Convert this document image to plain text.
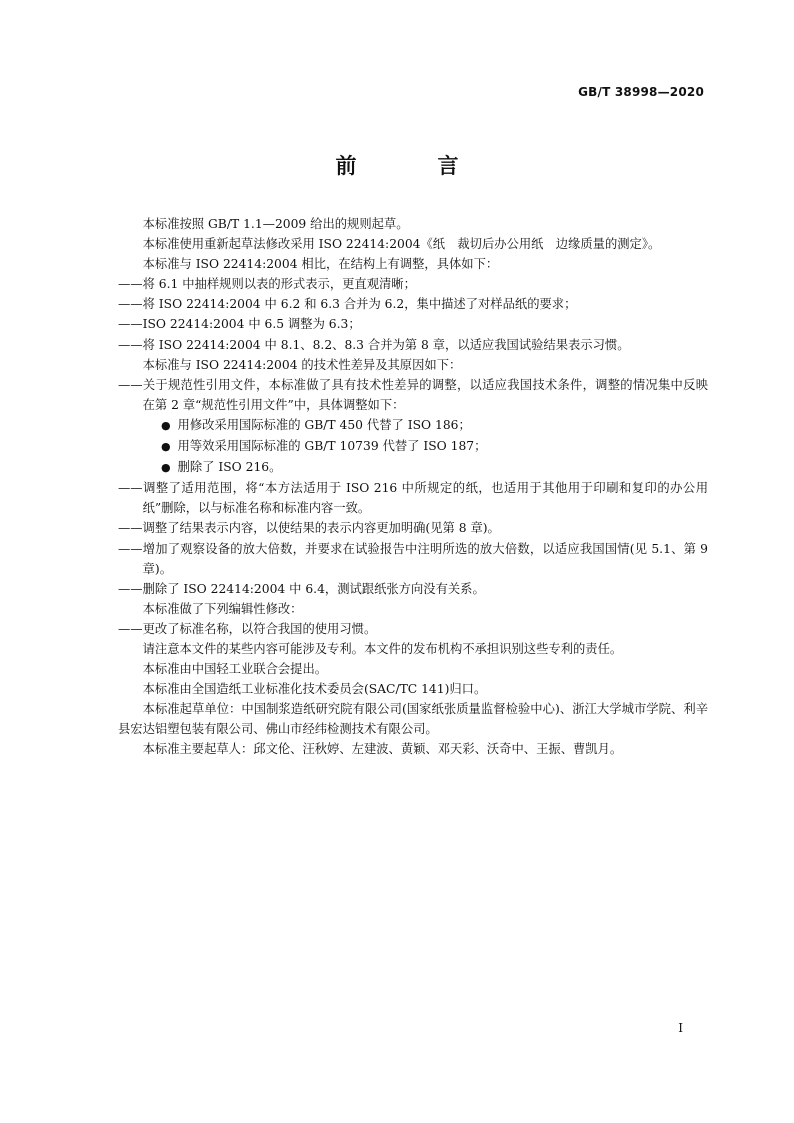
GB/T 38998—2020
前　言

本标准按照 GB/T 1.1—2009 给出的规则起草。

本标准使用重新起草法修改采用 ISO 22414:2004《纸　裁切后办公用纸　边缘质量的测定》。

本标准与 ISO 22414:2004 相比，在结构上有调整，具体如下：

——将 6.1 中抽样规则以表的形式表示，更直观清晰；

——将 ISO 22414:2004 中 6.2 和 6.3 合并为 6.2，集中描述了对样品纸的要求；

——ISO 22414:2004 中 6.5 调整为 6.3；

——将 ISO 22414:2004 中 8.1、8.2、8.3 合并为第 8 章，以适应我国试验结果表示习惯。

本标准与 ISO 22414:2004 的技术性差异及其原因如下：

——关于规范性引用文件，本标准做了具有技术性差异的调整，以适应我国技术条件，调整的情况集中反映在第 2 章“规范性引用文件”中，具体调整如下：

● 用修改采用国际标准的 GB/T 450 代替了 ISO 186；

● 用等效采用国际标准的 GB/T 10739 代替了 ISO 187；

● 删除了 ISO 216。

——调整了适用范围，将“本方法适用于 ISO 216 中所规定的纸，也适用于其他用于印刷和复印的办公用纸”删除，以与标准名称和标准内容一致。

——调整了结果表示内容，以使结果的表示内容更加明确(见第 8 章)。

——增加了观察设备的放大倍数，并要求在试验报告中注明所选的放大倍数，以适应我国国情(见 5.1、第 9 章)。

——删除了 ISO 22414:2004 中 6.4，测试跟纸张方向没有关系。

本标准做了下列编辑性修改：

——更改了标准名称，以符合我国的使用习惯。

请注意本文件的某些内容可能涉及专利。本文件的发布机构不承担识别这些专利的责任。

本标准由中国轻工业联合会提出。

本标准由全国造纸工业标准化技术委员会(SAC/TC 141)归口。

本标准起草单位：中国制浆造纸研究院有限公司(国家纸张质量监督检验中心)、浙江大学城市学院、利辛县宏达铝塑包装有限公司、佛山市经纬检测技术有限公司。

本标准主要起草人：邱文伦、汪秋婷、左建波、黄颖、邓天彩、沃奇中、王振、曹凯月。

I
